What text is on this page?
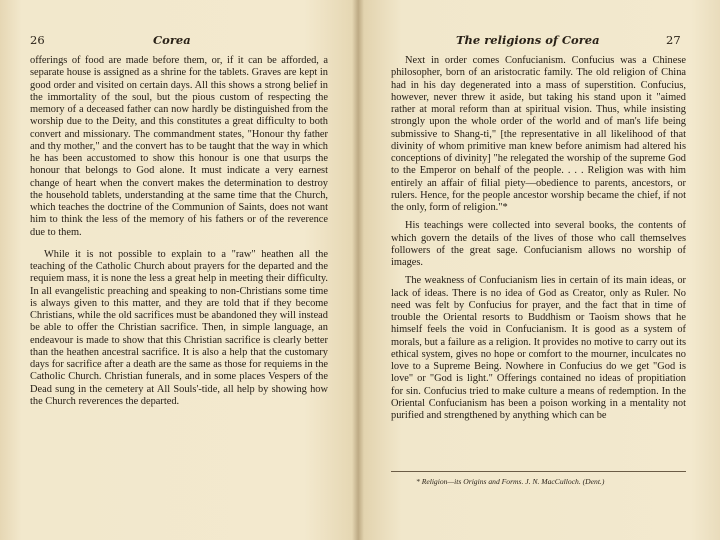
26	Corea

offerings of food are made before them, or, if it can be afforded, a separate house is assigned as a shrine for the tablets. Graves are kept in good order and visited on certain days. All this shows a strong belief in the immortality of the soul, but the pious custom of respecting the memory of a deceased father can now hardly be distinguished from the worship due to the Deity, and this constitutes a great difficulty to both convert and missionary. The commandment states, "Honour thy father and thy mother," and the convert has to be taught that the way in which he has been accustomed to show this honour is one that usurps the honour that belongs to God alone. It must indicate a very earnest change of heart when the convert makes the determination to destroy the household tablets, understanding at the same time that the Church, which teaches the doctrine of the Communion of Saints, does not want him to think the less of the memory of his fathers or of the reverence due to them.

While it is not possible to explain to a "raw" heathen all the teaching of the Catholic Church about prayers for the departed and the requiem mass, it is none the less a great help in meeting their difficulty. In all evangelistic preaching and speaking to non-Christians some time is always given to this matter, and they are told that if they become Christians, while the old sacrifices must be abandoned they will instead be able to offer the Christian sacrifice. Then, in simple language, an endeavour is made to show that this Christian sacrifice is clearly better than the heathen ancestral sacrifice. It is also a help that the customary days for sacrifice after a death are the same as those for requiems in the Catholic Church. Christian funerals, and in some places Vespers of the Dead sung in the cemetery at All Souls'-tide, all help by showing how the Church reverences the departed.

The religions of Corea	27

Next in order comes Confucianism. Confucius was a Chinese philosopher, born of an aristocratic family. The old religion of China had in his day degenerated into a mass of superstition. Confucius, however, never threw it aside, but taking his stand upon it "aimed rather at moral reform than at spiritual vision. Thus, while insisting strongly upon the whole order of the world and of man's life being submissive to Shang-ti," [the representative in all likelihood of that divinity of whom primitive man knew before animism had altered his conceptions of divinity] "he relegated the worship of the supreme God to the Emperor on behalf of the people. . . . Religion was with him entirely an affair of filial piety—obedience to parents, ancestors, or rulers. Hence, for the people ancestor worship became the chief, if not the only, form of religion."*

His teachings were collected into several books, the contents of which govern the details of the lives of those who call themselves followers of the great sage. Confucianism allows no worship of images.

The weakness of Confucianism lies in certain of its main ideas, or lack of ideas. There is no idea of God as Creator, only as Ruler. No need was felt by Confucius for prayer, and the fact that in time of trouble the Oriental resorts to Buddhism or Taoism shows that he himself feels the void in Confucianism. It is good as a system of morals, but a failure as a religion. It provides no motive to carry out its ethical system, gives no hope or comfort to the mourner, inculcates no love to a Supreme Being. Nowhere in Confucius do we get "God is love" or "God is light." Offerings contained no ideas of propitiation for sin. Confucius tried to make culture a means of redemption. In the Oriental Confucianism has been a poison working in a mentality not purified and strengthened by anything which can be

* Religion—its Origins and Forms. J. N. MacCulloch. (Dent.)
